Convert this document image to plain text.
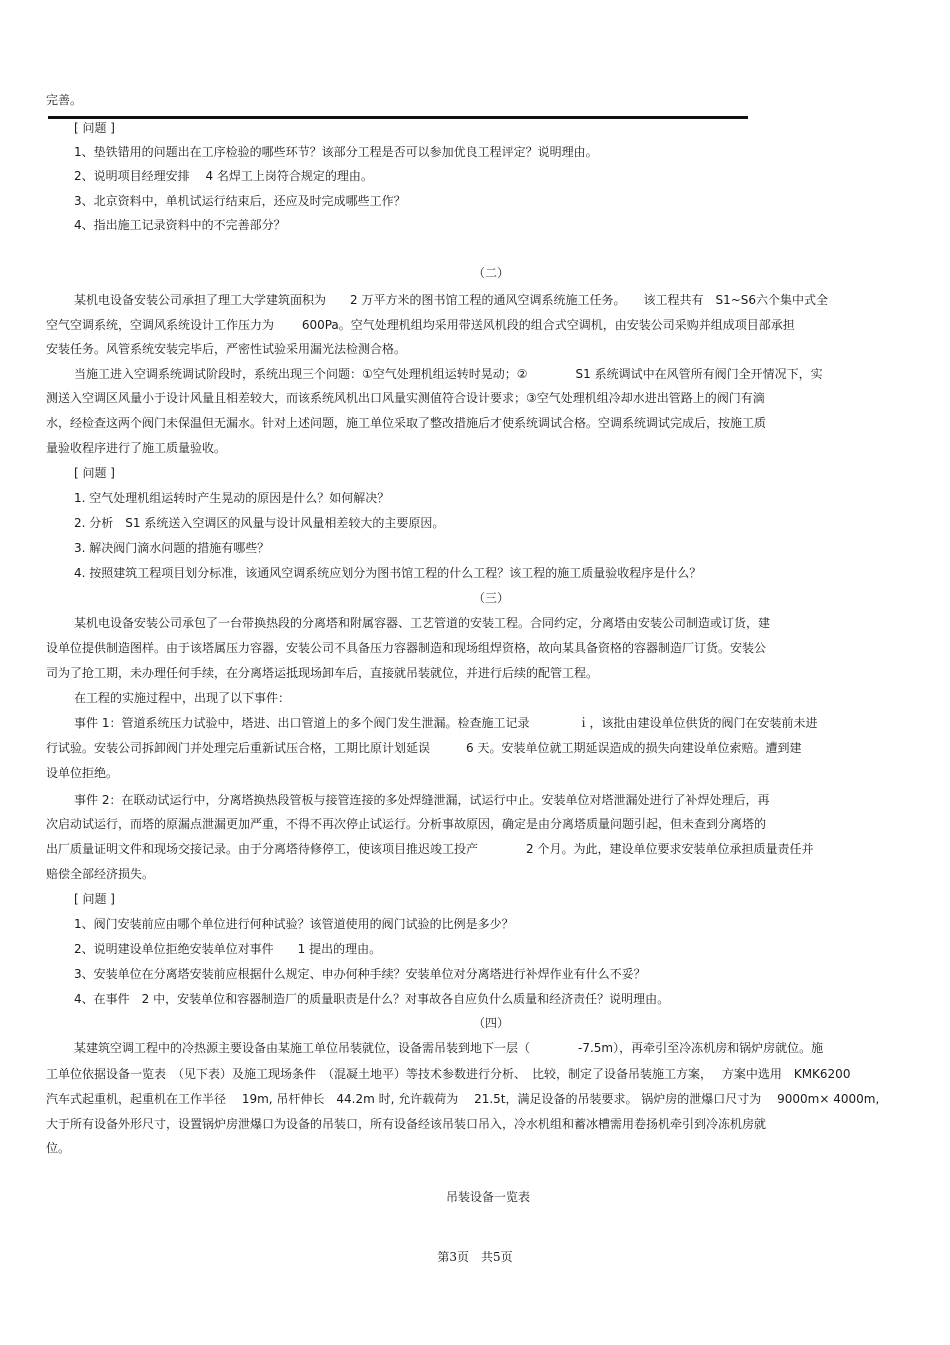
完善。
[ 问题 ]
1、垫铁错用的问题出在工序检验的哪些环节？该部分工程是否可以参加优良工程评定？说明理由。
2、说明项目经理安排　 4 名焊工上岗符合规定的理由。
3、北京资料中，单机试运行结束后，还应及时完成哪些工作？
4、指出施工记录资料中的不完善部分？
（二）
某机电设备安装公司承担了理工大学建筑面积为　　2 万平方米的图书馆工程的通风空调系统施工任务。　　该工程共有　S1~S6六个集中式全
空气空调系统，空调风系统设计工作压力为　　 600Pa。空气处理机组均采用带送风机段的组合式空调机，由安装公司采购并组成项目部承担
安装任务。风管系统安装完毕后，严密性试验采用漏光法检测合格。
当施工进入空调系统调试阶段时，系统出现三个问题：①空气处理机组运转时晃动；②　　　　S1 系统调试中在风管所有阀门全开情况下，实
测送入空调区风量小于设计风量且相差较大，而该系统风机出口风量实测值符合设计要求；③空气处理机组冷却水进出管路上的阀门有滴
水，经检查这两个阀门未保温但无漏水。针对上述问题，施工单位采取了整改措施后才使系统调试合格。空调系统调试完成后，按施工质
量验收程序进行了施工质量验收。
[ 问题 ]
1. 空气处理机组运转时产生晃动的原因是什么？如何解决？
2. 分析　S1 系统送入空调区的风量与设计风量相差较大的主要原因。
3. 解决阀门滴水问题的措施有哪些？
4. 按照建筑工程项目划分标准，该通风空调系统应划分为图书馆工程的什么工程？该工程的施工质量验收程序是什么？
（三）
某机电设备安装公司承包了一台带换热段的分离塔和附属容器、工艺管道的安装工程。合同约定，分离塔由安装公司制造或订货，建
设单位提供制造图样。由于该塔属压力容器，安装公司不具备压力容器制造和现场组焊资格，故向某具备资格的容器制造厂订货。安装公
司为了抢工期，未办理任何手续，在分离塔运抵现场卸车后，直接就吊装就位，并进行后续的配管工程。
在工程的实施过程中，出现了以下事件：
事件 1：管道系统压力试验中，塔进、出口管道上的多个阀门发生泄漏。检查施工记录　　　　ｉ，该批由建设单位供货的阀门在安装前未进
行试验。安装公司拆卸阀门并处理完后重新试压合格，工期比原计划延误　　　6 天。安装单位就工期延误造成的损失向建设单位索赔。遭到建
设单位拒绝。
事件 2：在联动试运行中，分离塔换热段管板与接管连接的多处焊缝泄漏，试运行中止。安装单位对塔泄漏处进行了补焊处理后，再
次启动试运行，而塔的原漏点泄漏更加严重，不得不再次停止试运行。分析事故原因，确定是由分离塔质量问题引起，但未查到分离塔的
出厂质量证明文件和现场交接记录。由于分离塔待修停工，使该项目推迟竣工投产　　　　2 个月。为此，建设单位要求安装单位承担质量责任并
赔偿全部经济损失。
[ 问题 ]
1、阀门安装前应由哪个单位进行何种试验？该管道使用的阀门试验的比例是多少？
2、说明建设单位拒绝安装单位对事件　　1 提出的理由。
3、安装单位在分离塔安装前应根据什么规定、申办何种手续？安装单位对分离塔进行补焊作业有什么不妥？
4、在事件　2 中，安装单位和容器制造厂的质量职责是什么？对事故各自应负什么质量和经济责任？说明理由。
（四）
某建筑空调工程中的冷热源主要设备由某施工单位吊装就位，设备需吊装到地下一层（　　　　-7.5m），再牵引至冷冻机房和锅炉房就位。施
工单位依据设备一览表　（见下表）及施工现场条件　（混凝土地平）等技术参数进行分析、　比较，制定了设备吊装施工方案，　 方案中选用　KMK6200
汽车式起重机，起重机在工作半径　 19m, 吊杆伸长　44.2m 时, 允许载荷为　 21.5t，满足设备的吊装要求。 锅炉房的泄爆口尺寸为　 9000m× 4000m,
大于所有设备外形尺寸，设置锅炉房泄爆口为设备的吊装口，所有设备经该吊装口吊入，冷水机组和蓄冰槽需用卷扬机牵引到冷冻机房就
位。
吊装设备一览表
第3页　共5页
